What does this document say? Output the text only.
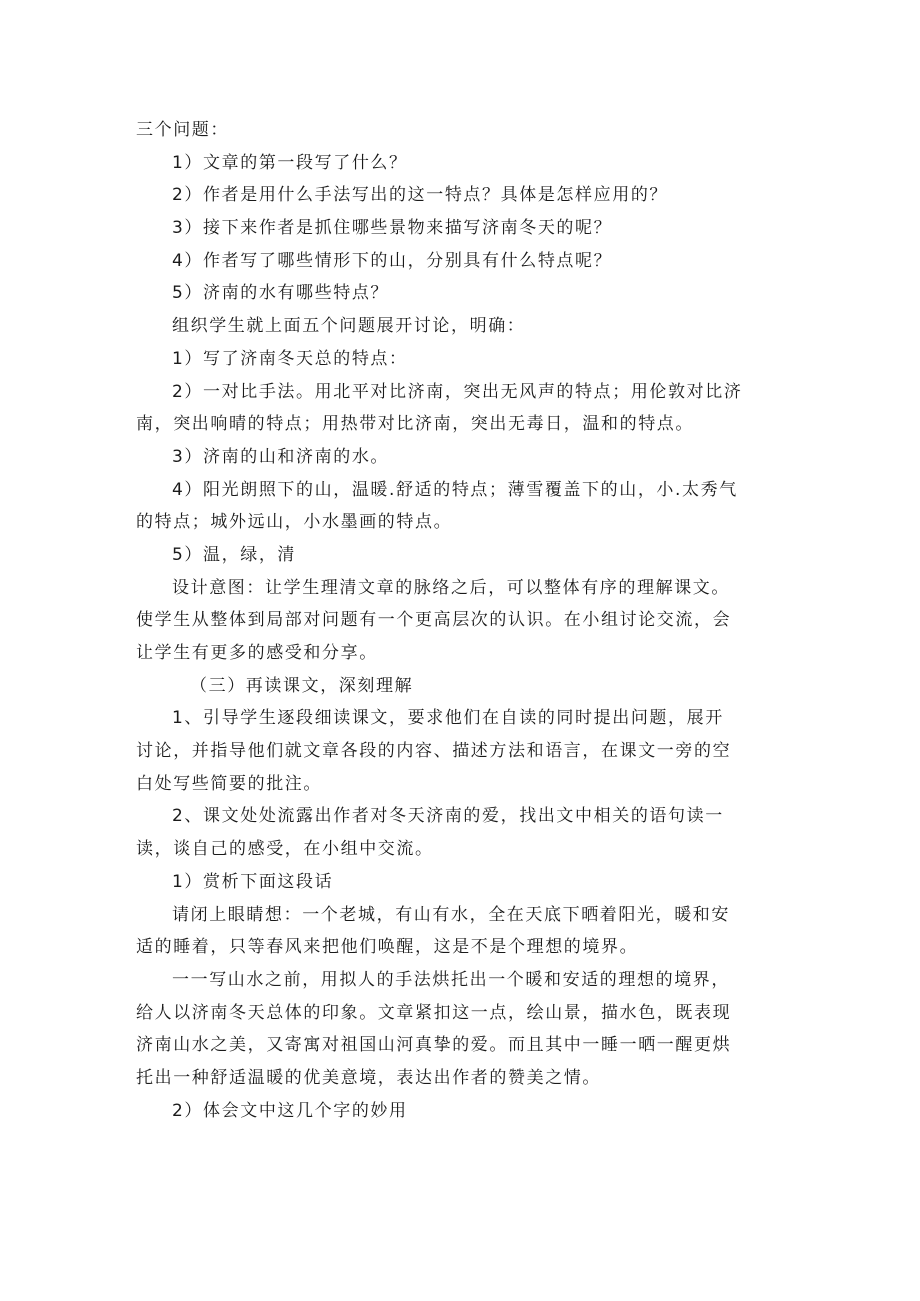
三个问题：
1）文章的第一段写了什么？
2）作者是用什么手法写出的这一特点？具体是怎样应用的？
3）接下来作者是抓住哪些景物来描写济南冬天的呢？
4）作者写了哪些情形下的山，分别具有什么特点呢？
5）济南的水有哪些特点？
组织学生就上面五个问题展开讨论，明确：
1）写了济南冬天总的特点：
2）一对比手法。用北平对比济南，突出无风声的特点；用伦敦对比济
南，突出响晴的特点；用热带对比济南，突出无毒日，温和的特点。
3）济南的山和济南的水。
4）阳光朗照下的山，温暖.舒适的特点；薄雪覆盖下的山，小.太秀气
的特点；城外远山，小水墨画的特点。
5）温，绿，清
设计意图：让学生理清文章的脉络之后，可以整体有序的理解课文。
使学生从整体到局部对问题有一个更高层次的认识。在小组讨论交流，会
让学生有更多的感受和分享。
（三）再读课文，深刻理解
1、引导学生逐段细读课文，要求他们在自读的同时提出问题，展开
讨论，并指导他们就文章各段的内容、描述方法和语言，在课文一旁的空
白处写些简要的批注。
2、课文处处流露出作者对冬天济南的爱，找出文中相关的语句读一
读，谈自己的感受，在小组中交流。
1）赏析下面这段话
请闭上眼睛想：一个老城，有山有水，全在天底下晒着阳光，暖和安
适的睡着，只等春风来把他们唤醒，这是不是个理想的境界。
一一写山水之前，用拟人的手法烘托出一个暖和安适的理想的境界，
给人以济南冬天总体的印象。文章紧扣这一点，绘山景，描水色，既表现
济南山水之美，又寄寓对祖国山河真挚的爱。而且其中一睡一晒一醒更烘
托出一种舒适温暖的优美意境，表达出作者的赞美之情。
2）体会文中这几个字的妙用
